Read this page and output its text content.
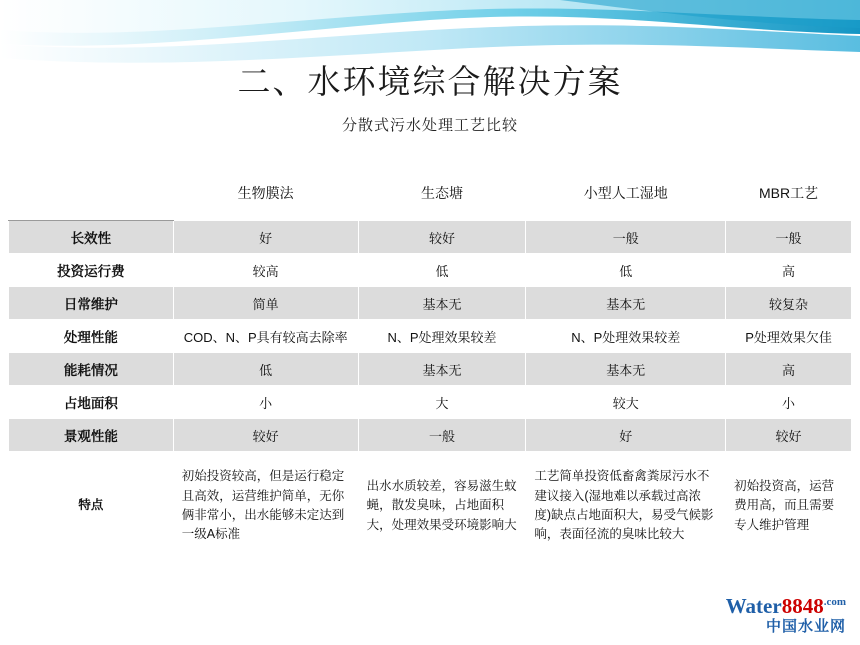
二、水环境综合解决方案
分散式污水处理工艺比较
	生物膜法	生态塘	小型人工湿地	MBR工艺
长效性	好	较好	一般	一般
投资运行费	较高	低	低	高
日常维护	简单	基本无	基本无	较复杂
处理性能	COD、N、P具有较高去除率	N、P处理效果较差	N、P处理效果较差	P处理效果欠佳
能耗情况	低	基本无	基本无	高
占地面积	小	大	较大	小
景观性能	较好	一般	好	较好
特点	初始投资较高，但是运行稳定且高效，运营维护简单，无你俩非常小，出水能够未定达到一级A标准	出水水质较差，容易滋生蚊蝇，散发臭味，占地面积大，处理效果受环境影响大	工艺简单投资低畜禽粪尿污水不建议接入(湿地难以承载过高浓度)缺点占地面积大，易受气候影响，表面径流的臭味比较大	初始投资高，运营费用高，而且需要专人维护管理
$Water8848^{.com}$
中国水业网
